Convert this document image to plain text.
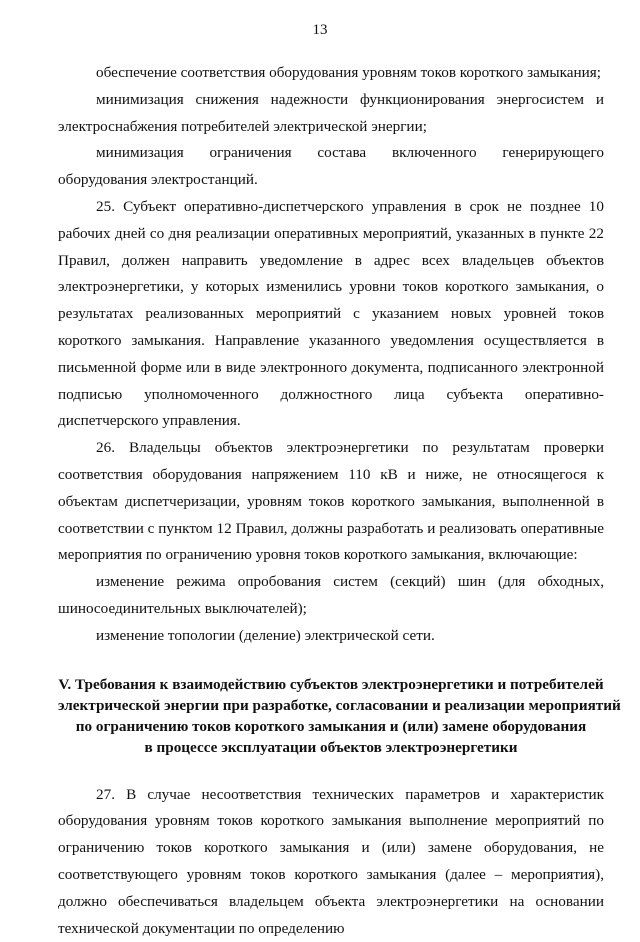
13

обеспечение соответствия оборудования уровням токов короткого замыкания;

минимизация снижения надежности функционирования энергосистем и электроснабжения потребителей электрической энергии;

минимизация ограничения состава включенного генерирующего оборудования электростанций.

25. Субъект оперативно-диспетчерского управления в срок не позднее 10 рабочих дней со дня реализации оперативных мероприятий, указанных в пункте 22 Правил, должен направить уведомление в адрес всех владельцев объектов электроэнергетики, у которых изменились уровни токов короткого замыкания, о результатах реализованных мероприятий с указанием новых уровней токов короткого замыкания. Направление указанного уведомления осуществляется в письменной форме или в виде электронного документа, подписанного электронной подписью уполномоченного должностного лица субъекта оперативно-диспетчерского управления.

26. Владельцы объектов электроэнергетики по результатам проверки соответствия оборудования напряжением 110 кВ и ниже, не относящегося к объектам диспетчеризации, уровням токов короткого замыкания, выполненной в соответствии с пунктом 12 Правил, должны разработать и реализовать оперативные мероприятия по ограничению уровня токов короткого замыкания, включающие:

изменение режима опробования систем (секций) шин (для обходных, шиносоединительных выключателей);

изменение топологии (деление) электрической сети.

V. Требования к взаимодействию субъектов электроэнергетики и потребителей
электрической энергии при разработке, согласовании и реализации мероприятий
по ограничению токов короткого замыкания и (или) замене оборудования
в процессе эксплуатации объектов электроэнергетики

27. В случае несоответствия технических параметров и характеристик оборудования уровням токов короткого замыкания выполнение мероприятий по ограничению токов короткого замыкания и (или) замене оборудования, не соответствующего уровням токов короткого замыкания (далее – мероприятия), должно обеспечиваться владельцем объекта электроэнергетики на основании технической документации по определению
